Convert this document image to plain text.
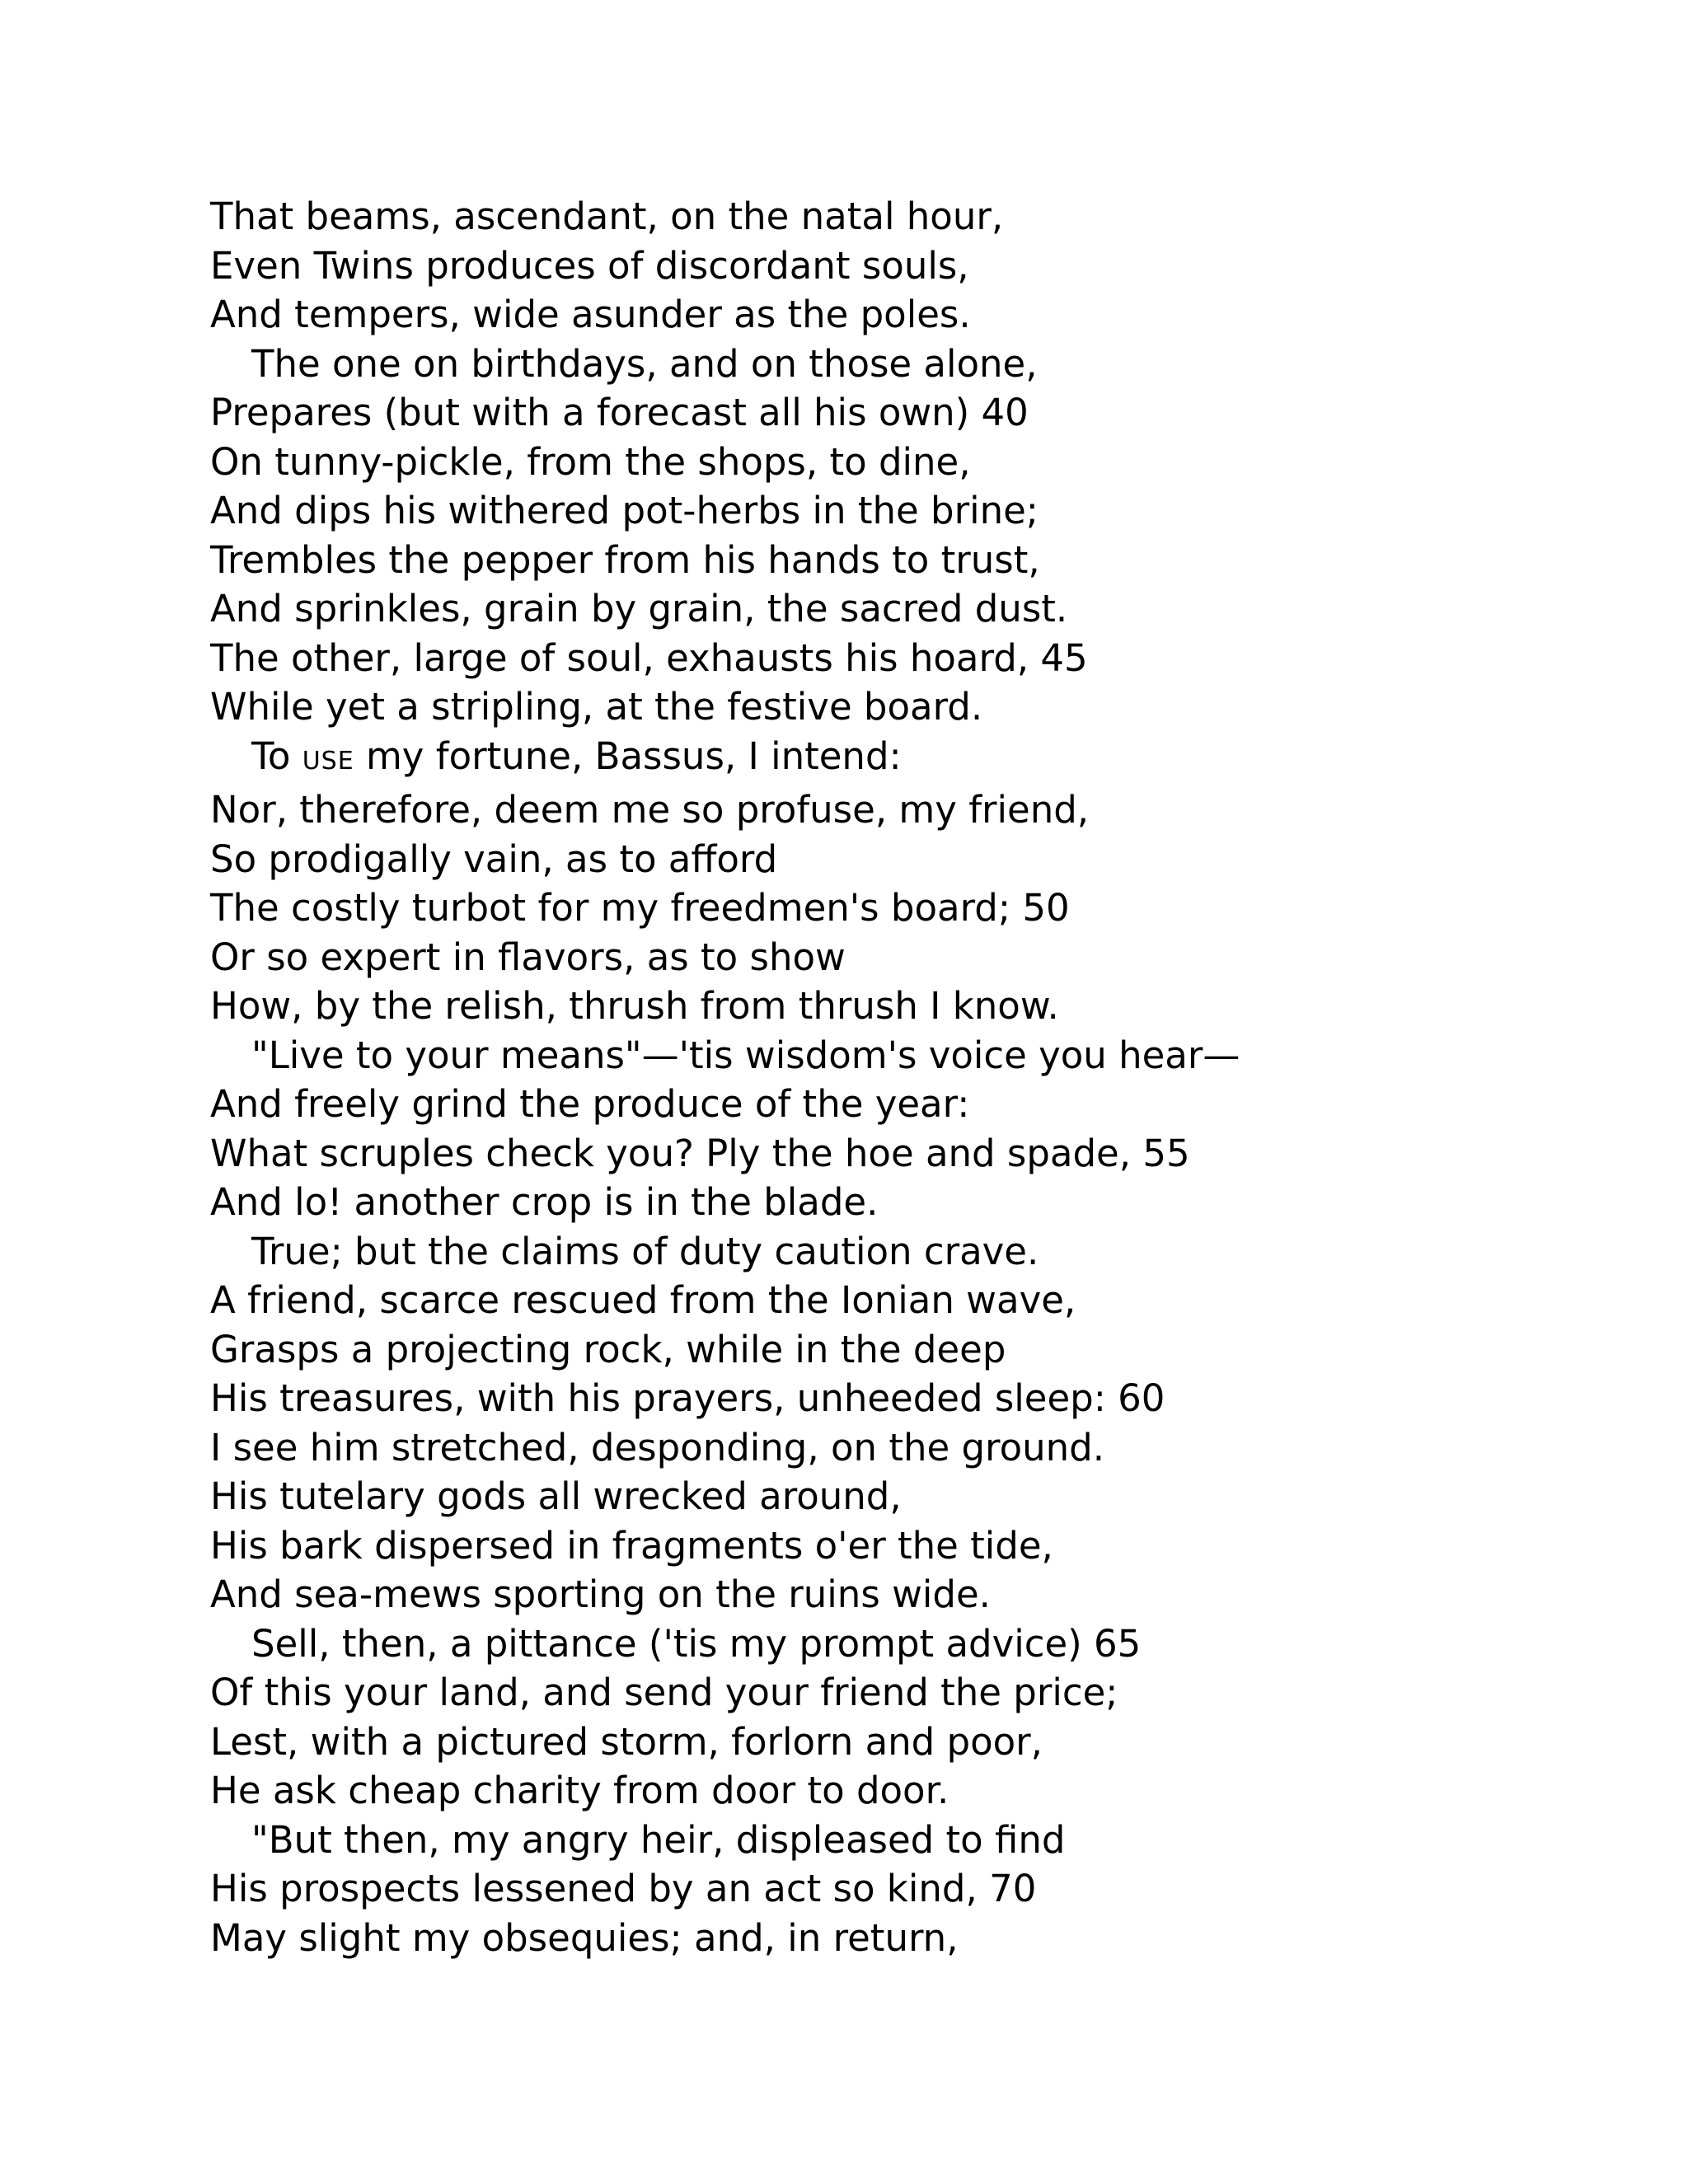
That beams, ascendant, on the natal hour,
Even Twins produces of discordant souls,
And tempers, wide asunder as the poles.
The one on birthdays, and on those alone,
Prepares (but with a forecast all his own) 40
On tunny-pickle, from the shops, to dine,
And dips his withered pot-herbs in the brine;
Trembles the pepper from his hands to trust,
And sprinkles, grain by grain, the sacred dust.
The other, large of soul, exhausts his hoard, 45
While yet a stripling, at the festive board.
To USE my fortune, Bassus, I intend:
Nor, therefore, deem me so profuse, my friend,
So prodigally vain, as to afford
The costly turbot for my freedmen's board; 50
Or so expert in flavors, as to show
How, by the relish, thrush from thrush I know.
"Live to your means"—'tis wisdom's voice you hear—
And freely grind the produce of the year:
What scruples check you? Ply the hoe and spade, 55
And lo! another crop is in the blade.
True; but the claims of duty caution crave.
A friend, scarce rescued from the Ionian wave,
Grasps a projecting rock, while in the deep
His treasures, with his prayers, unheeded sleep: 60
I see him stretched, desponding, on the ground.
His tutelary gods all wrecked around,
His bark dispersed in fragments o'er the tide,
And sea-mews sporting on the ruins wide.
Sell, then, a pittance ('tis my prompt advice) 65
Of this your land, and send your friend the price;
Lest, with a pictured storm, forlorn and poor,
He ask cheap charity from door to door.
"But then, my angry heir, displeased to find
His prospects lessened by an act so kind, 70
May slight my obsequies; and, in return,
